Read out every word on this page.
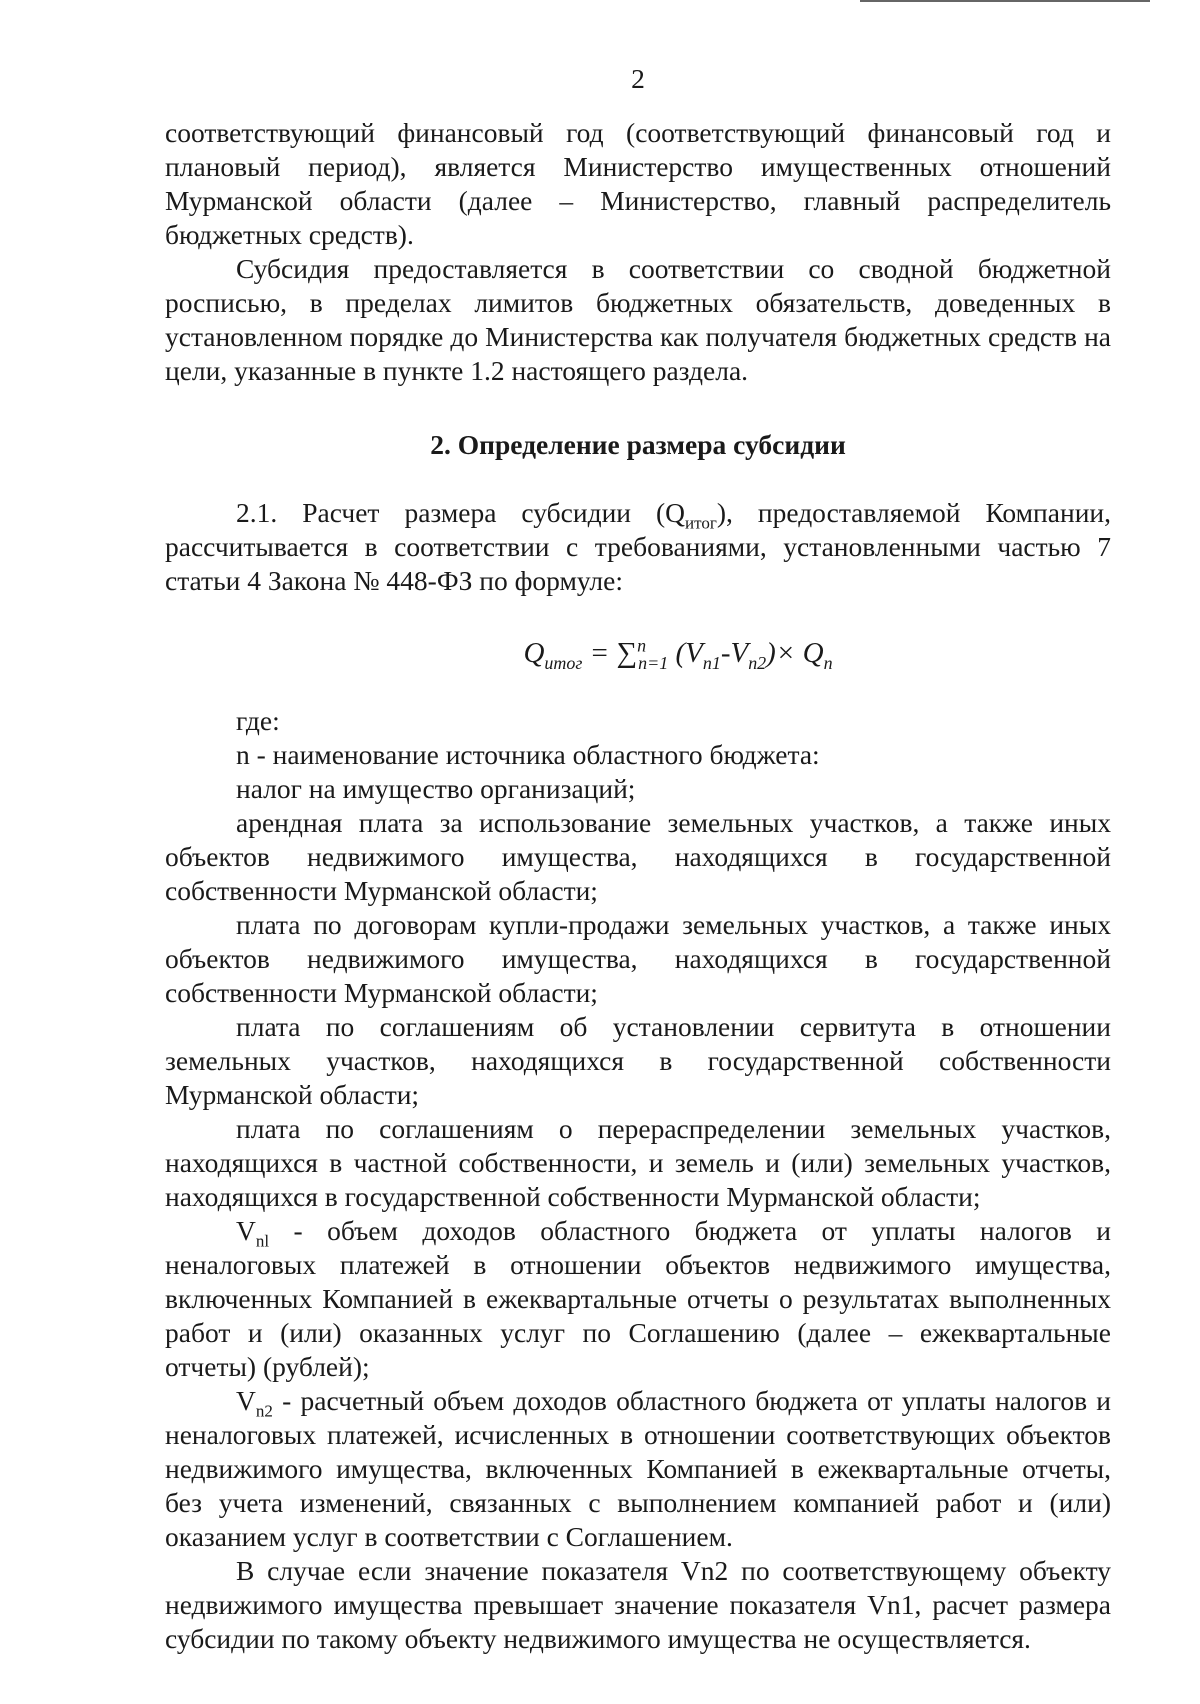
2

соответствующий финансовый год (соответствующий финансовый год и плановый период), является Министерство имущественных отношений Мурманской области (далее – Министерство, главный распределитель бюджетных средств).

Субсидия предоставляется в соответствии со сводной бюджетной росписью, в пределах лимитов бюджетных обязательств, доведенных в установленном порядке до Министерства как получателя бюджетных средств на цели, указанные в пункте 1.2 настоящего раздела.

2. Определение размера субсидии

2.1. Расчет размера субсидии $(Q_{итог})$, предоставляемой Компании, рассчитывается в соответствии с требованиями, установленными частью 7 статьи 4 Закона № 448-ФЗ по формуле:

$Q_{итог} = \sum^n_{n=1}$ $(V_{n1}-V_{n2})\times Q_n$

где:

n - наименование источника областного бюджета:

налог на имущество организаций;

арендная плата за использование земельных участков, а также иных объектов недвижимого имущества, находящихся в государственной собственности Мурманской области;

плата по договорам купли-продажи земельных участков, а также иных объектов недвижимого имущества, находящихся в государственной собственности Мурманской области;

плата по соглашениям об установлении сервитута в отношении земельных участков, находящихся в государственной собственности Мурманской области;

плата по соглашениям о перераспределении земельных участков, находящихся в частной собственности, и земель и (или) земельных участков, находящихся в государственной собственности Мурманской области;

$V_{nl}$ - объем доходов областного бюджета от уплаты налогов и неналоговых платежей в отношении объектов недвижимого имущества, включенных Компанией в ежеквартальные отчеты о результатах выполненных работ и (или) оказанных услуг по Соглашению (далее – ежеквартальные отчеты) (рублей);

$V_{n2}$ - расчетный объем доходов областного бюджета от уплаты налогов и неналоговых платежей, исчисленных в отношении соответствующих объектов недвижимого имущества, включенных Компанией в ежеквартальные отчеты, без учета изменений, связанных с выполнением компанией работ и (или) оказанием услуг в соответствии с Соглашением.

В случае если значение показателя Vn2 по соответствующему объекту недвижимого имущества превышает значение показателя Vn1, расчет размера субсидии по такому объекту недвижимого имущества не осуществляется.
